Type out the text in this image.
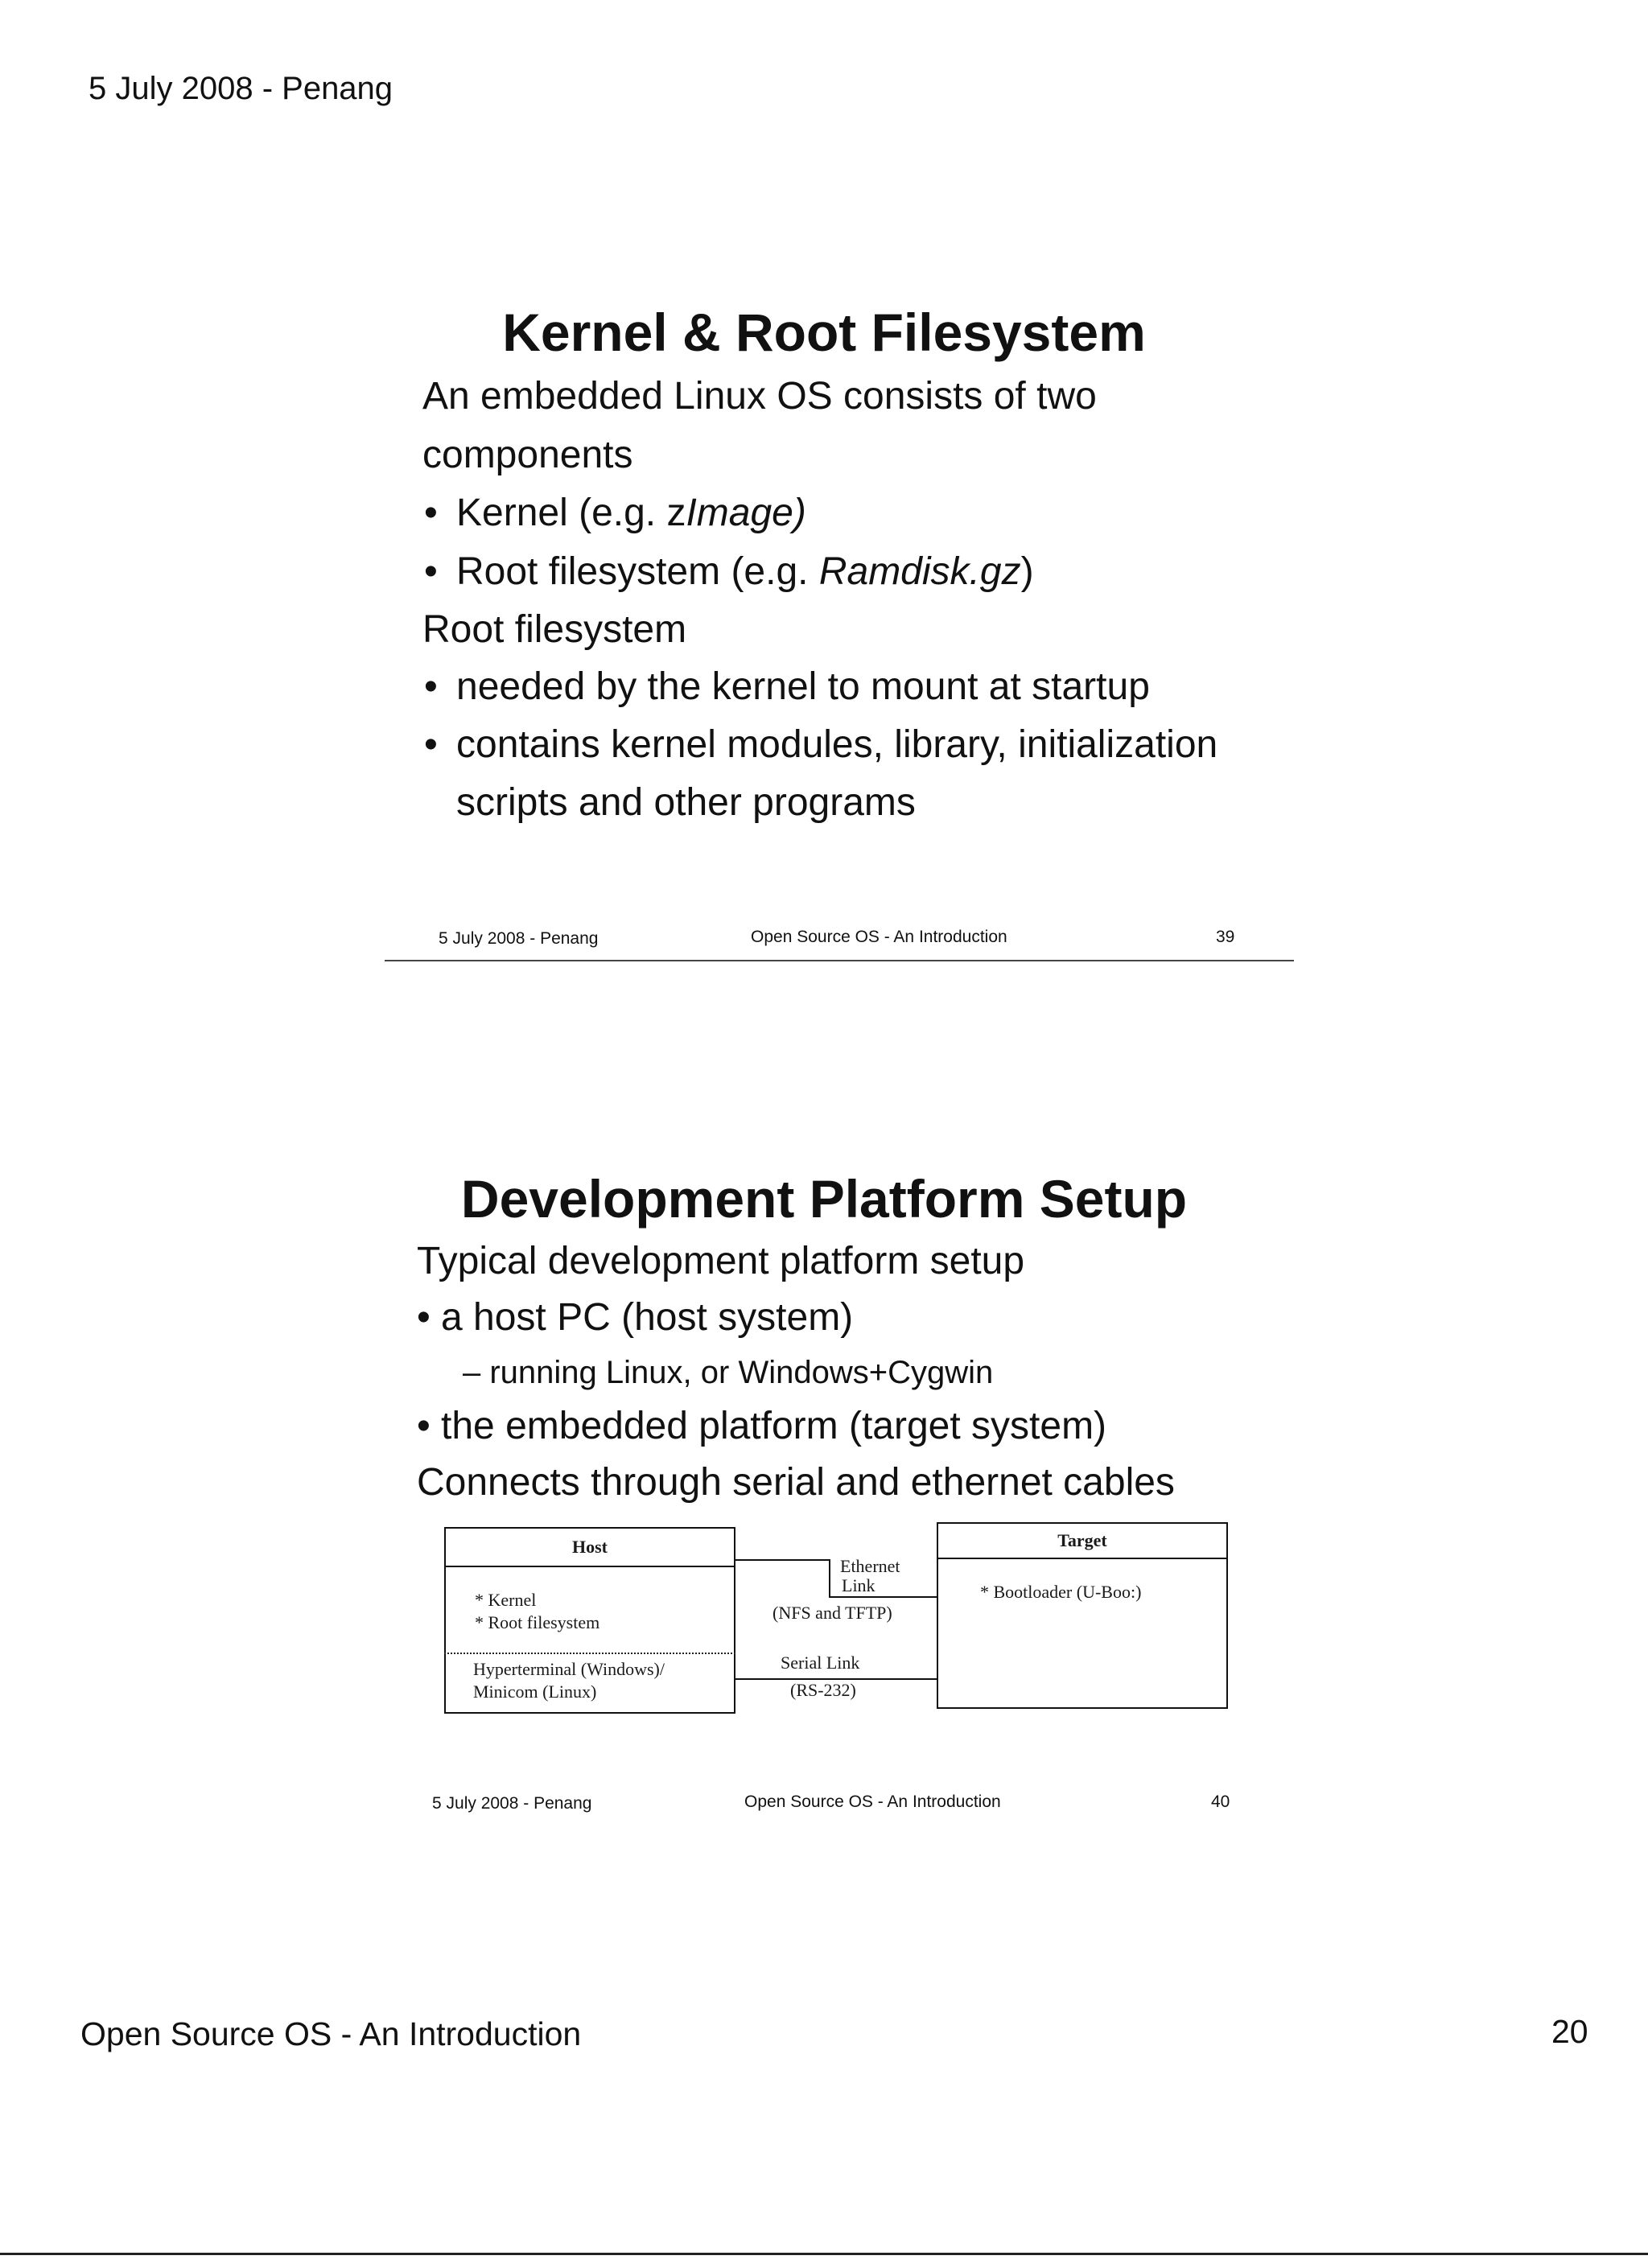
5 July 2008 - Penang
Kernel & Root Filesystem
An embedded Linux OS consists of two
components
• Kernel (e.g. zImage)
• Root filesystem (e.g. Ramdisk.gz)
Root filesystem
• needed by the kernel to mount at startup
• contains kernel modules, library, initialization
scripts and other programs
5 July 2008 - Penang	Open Source OS - An Introduction	39
Development Platform Setup
Typical development platform setup
• a host PC (host system)
– running Linux, or Windows+Cygwin
• the embedded platform (target system)
Connects through serial and ethernet cables
Host
* Kernel
* Root filesystem
Hyperterminal (Windows)/
Minicom (Linux)
Target
* Bootloader (U-Boo:)
Ethernet
Link
(NFS and TFTP)
Serial Link
(RS-232)
5 July 2008 - Penang	Open Source OS - An Introduction	40
Open Source OS - An Introduction	20
